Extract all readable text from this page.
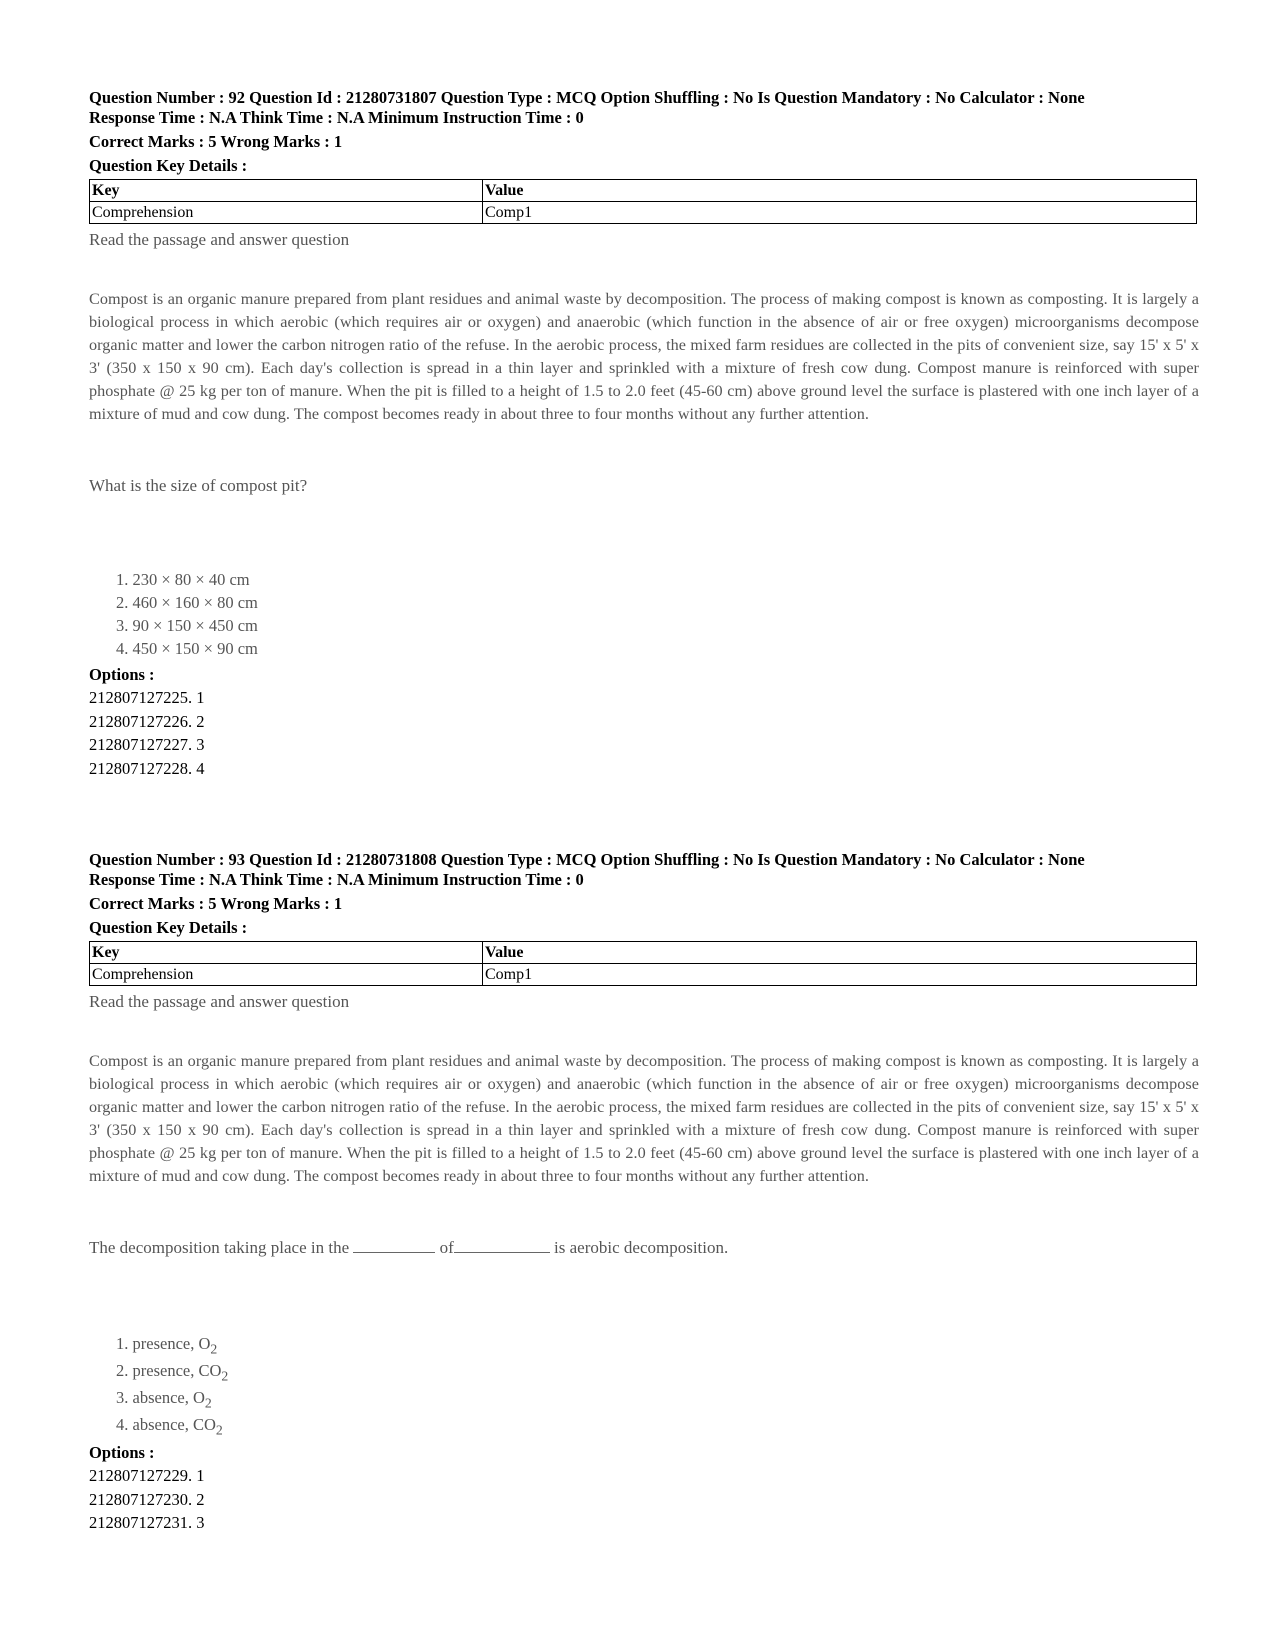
Question Number : 92 Question Id : 21280731807 Question Type : MCQ Option Shuffling : No Is Question Mandatory : No Calculator : None
Response Time : N.A Think Time : N.A Minimum Instruction Time : 0
Correct Marks : 5 Wrong Marks : 1
Question Key Details :
Key	Value
Comprehension	Comp1
Read the passage and answer question
Compost is an organic manure prepared from plant residues and animal waste by decomposition. The process of making compost is known as composting. It is largely a biological process in which aerobic (which requires air or oxygen) and anaerobic (which function in the absence of air or free oxygen) microorganisms decompose organic matter and lower the carbon nitrogen ratio of the refuse. In the aerobic process, the mixed farm residues are collected in the pits of convenient size, say 15' x 5' x 3' (350 x 150 x 90 cm). Each day's collection is spread in a thin layer and sprinkled with a mixture of fresh cow dung. Compost manure is reinforced with super phosphate @ 25 kg per ton of manure. When the pit is filled to a height of 1.5 to 2.0 feet (45-60 cm) above ground level the surface is plastered with one inch layer of a mixture of mud and cow dung. The compost becomes ready in about three to four months without any further attention.
What is the size of compost pit?
1. 230 × 80 × 40 cm
2. 460 × 160 × 80 cm
3. 90 × 150 × 450 cm
4. 450 × 150 × 90 cm
Options :
212807127225. 1
212807127226. 2
212807127227. 3
212807127228. 4
Question Number : 93 Question Id : 21280731808 Question Type : MCQ Option Shuffling : No Is Question Mandatory : No Calculator : None
Response Time : N.A Think Time : N.A Minimum Instruction Time : 0
Correct Marks : 5 Wrong Marks : 1
Question Key Details :
Key	Value
Comprehension	Comp1
Read the passage and answer question
Compost is an organic manure prepared from plant residues and animal waste by decomposition. The process of making compost is known as composting. It is largely a biological process in which aerobic (which requires air or oxygen) and anaerobic (which function in the absence of air or free oxygen) microorganisms decompose organic matter and lower the carbon nitrogen ratio of the refuse. In the aerobic process, the mixed farm residues are collected in the pits of convenient size, say 15' x 5' x 3' (350 x 150 x 90 cm). Each day's collection is spread in a thin layer and sprinkled with a mixture of fresh cow dung. Compost manure is reinforced with super phosphate @ 25 kg per ton of manure. When the pit is filled to a height of 1.5 to 2.0 feet (45-60 cm) above ground level the surface is plastered with one inch layer of a mixture of mud and cow dung. The compost becomes ready in about three to four months without any further attention.
The decomposition taking place in the	of	is aerobic decomposition.
1. presence, $O_2$
2. presence, $CO_2$
3. absence, $O_2$
4. absence, $CO_2$
Options :
212807127229. 1
212807127230. 2
212807127231. 3
